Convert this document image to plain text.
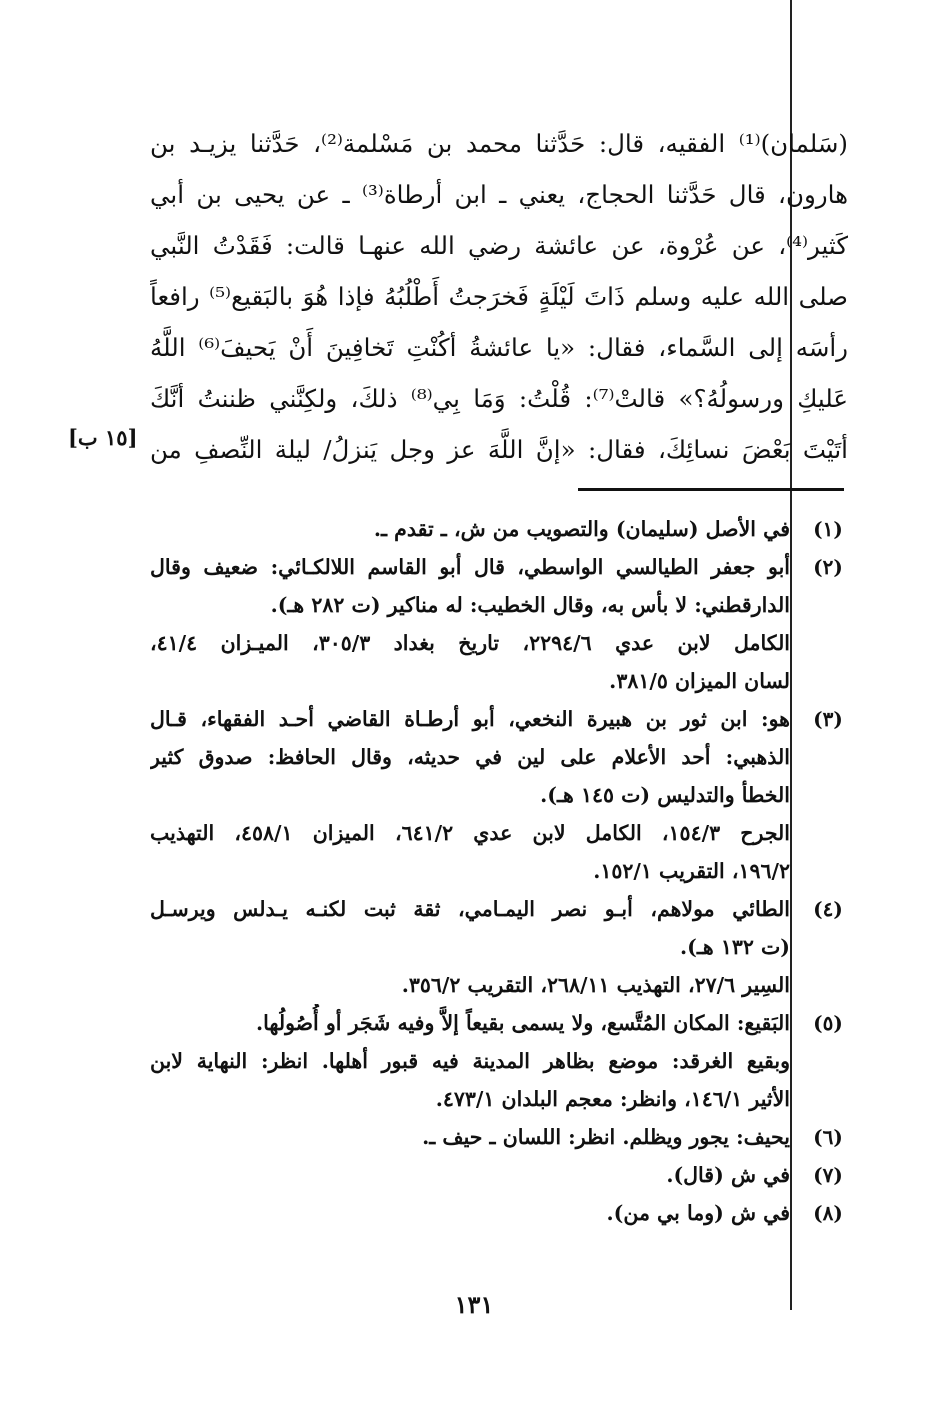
(سَلمان)⁽¹⁾ الفقيه، قال: حَدَّثنا محمد بن مَسْلمة⁽²⁾، حَدَّثنا يزيـد بن
هارون، قال حَدَّثنا الحجاج، يعني ـ ابن أرطاة⁽³⁾ ـ عن يحيى بن أبي
كَثير⁽⁴⁾، عن عُرْوة، عن عائشة رضي الله عنهـا قالت: فَقَدْتُ النَّبي
صلى الله عليه وسلم ذَاتَ لَيْلَةٍ فَخرَجتُ أَطْلُبُهُ فإذا هُوَ بالبَقيع⁽⁵⁾ رافعاً
رأسَه إلى السَّماء، فقال: «يا عائشةُ أكُنْتِ تَخافِينَ أَنْ يَحيفَ⁽⁶⁾ اللَّهُ
عَليكِ ورسولُهُ؟» قالتْ⁽⁷⁾: قُلْتُ: وَمَا بِي⁽⁸⁾ ذلكَ، ولكِنَّني ظننتُ أنَّكَ
أتَيْتَ بَعْضَ نسائِكَ، فقال: «إنَّ اللَّهَ عز وجل يَنزلُ/ ليلة النِّصفِ من
[١٥ ب]
(١)
في الأصل (سليمان) والتصويب من ش، ـ تقدم ـ.
(٢)
أبو جعفر الطيالسي الواسطي، قال أبو القاسم اللالكـائي: ضعيف وقال
الدارقطني: لا بأس به، وقال الخطيب: له مناكير (ت ٢٨٢ هـ).
الكامل لابن عدي ٢٢٩٤/٦، تاريخ بغداد ٣٠٥/٣، الميـزان ٤١/٤،
لسان الميزان ٣٨١/٥.
(٣)
هو: ابن ثور بن هبيرة النخعي، أبو أرطـاة القاضي أحـد الفقهاء، قـال
الذهبي: أحد الأعلام على لين في حديثه، وقال الحافظ: صدوق كثير
الخطأ والتدليس (ت ١٤٥ هـ).
الجرح ١٥٤/٣، الكامل لابن عدي ٦٤١/٢، الميزان ٤٥٨/١، التهذيب
١٩٦/٢، التقريب ١٥٢/١.
(٤)
الطائي مولاهم، أبـو نصر اليمـامي، ثقة ثبت لكنـه يـدلس ويرسـل
(ت ١٣٢ هـ).
السِير ٢٧/٦، التهذيب ٢٦٨/١١، التقريب ٣٥٦/٢.
(٥)
البَقيع: المكان المُتَّسع، ولا يسمى بقيعاً إلاَّ وفيه شَجَر أو أُصُولُها.
وبقيع الغرقد: موضع بظاهر المدينة فيه قبور أهلها. انظر: النهاية لابن
الأثير ١٤٦/١، وانظر: معجم البلدان ٤٧٣/١.
(٦)
يحيف: يجور ويظلم. انظر: اللسان ـ حيف ـ.
(٧)
في ش (قال).
(٨)
في ش (وما بي من).
١٣١
